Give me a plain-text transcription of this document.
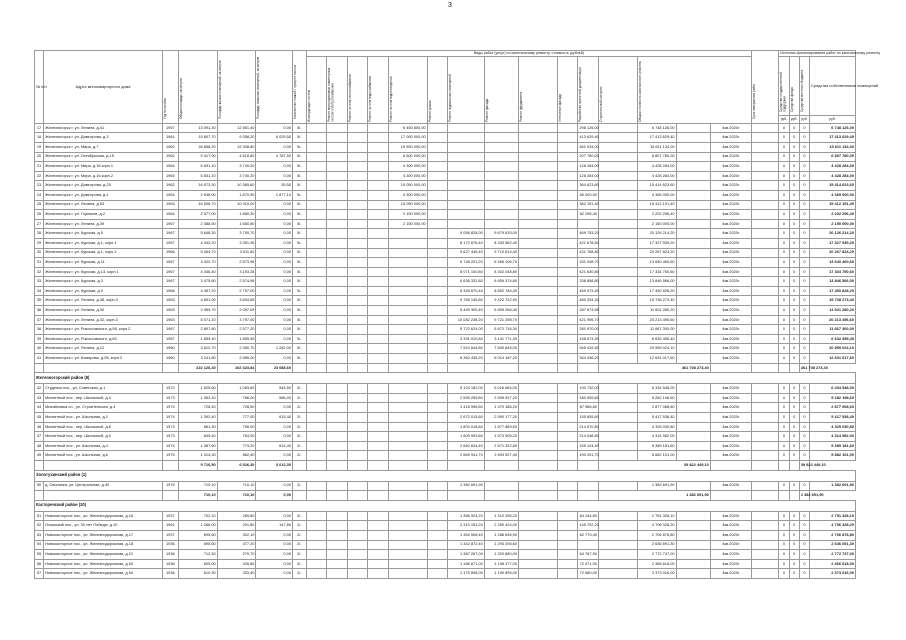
3
№ п/п	Адрес многоквартирного дома	Год постройки	Общая площадь, кв.метров	Площадь жилых помещений, кв.метров	Площадь нежилых помещений, кв.метров	Количество этажей / процент износа	Виды работ (услуг) по капитальному ремонту, стоимость (рублей)															Срок завершения работ	Источник финансирования работ по капитальному ремонту			

							Изолирующих систем	Ремонт внутридомовых инженерных систем электроснабжения	Ремонт систем теплоснабжения	Ремонт систем водоснабжения	Ремонт систем водоотведения	Ремонт крыши	Ремонт подвальных помещений	Ремонт фасада	Ремонт фундамента	Утепление фасада	Разработка проектной документации	Строительный контроль	Общая стоимость капитального ремонта				Средства государственной поддержки	Средства фонда	Средства местного бюджета	Средства собственников помещений
																							руб.	руб.	руб.	руб.
17	Железногорск г, ул. Ленина, д.41	1957	13 091,30	12 651,40	0,00	5/-					6 450 800,00						298 126,00		6 748 126,00		4кв.2020г		0	0	0	6 748 126,00
18	Железногорск г, ул. Димитрова, д.3	1961	15 807,70	9 358,20	6 029,50	5/-					17 000 000,00						413 629,40		17 413 629,40		4кв.2020г		0	0	0	17 413 629,40
19	Железногорск г, ул. Мира, д.7	1962	26 858,20	15 338,80	0,00	5/-					15 550 000,00						461 034,00		15 611 134,00		4кв.2020г		0	0	0	15 611 134,00
20	Железногорск г, ул. Октябрьская, д.15	1962	9 417,90	4 618,80	4 787,50	5/-					6 600 000,00						207 780,00		6 807 780,00		4кв.2020г		0	0	0	6 807 780,00
21	Железногорск г, ул. Мира, д.16 корп.1	1964	5 831,10	3 740,20	0,00	5/-					4 300 000,00						128 284,00		4 428 284,00		4кв.2020г		0	0	0	4 428 284,00
22	Железногорск г, ул. Мира, д.16 корп.2	1964	5 831,10	3 740,20	0,00	5/-					4 300 000,00						128 284,00		4 428 284,00		4кв.2020г		0	0	0	4 428 284,00
23	Железногорск г, ул. Димитрова, д.25	1962	16 573,30	10 365,60	35,50	5/-					15 050 000,00						364 623,60		15 414 623,60		4кв.2020г		0	0	0	15 414 623,60
24	Железногорск г, ул. Димитрова, д.1	1964	2 948,00	1 870,90	1 877,10	5/-					4 300 000,00						65 000,00		4 365 000,00		4кв.2020г		0	0	0	4 365 000,00
25	Железногорск г, ул. Ленина, д.53	1963	16 508,70	10 019,00	0,00	5/-					15 050 000,00						362 191,40		15 412 191,40		4кв.2020г		0	0	0	15 412 191,40
26	Железногорск г, ул. Горняков, д.2	1964	2 377,00	1 880,30	0,00	5/-					2 150 000,00						52 296,40		2 202 296,40		4кв.2020г		0	0	0	2 202 296,40
27	Железногорск г, ул. Ленина, д.39	1967	2 388,50	1 660,80	0,00	5/-					2 150 000,00								2 150 000,00		4кв.2020г		0	0	0	2 150 000,00
28	Железногорск г, ул. Курская, д.5	1967	5 648,30	3 790,70	0,00	5/-							9 056 828,00	9 679 633,00			469 753,20		20 126 214,20		4кв.2020г		0	0	0	20 126 214,20
29	Железногорск г, ул. Курская, д.1, корп.1	1967	4 342,20	3 351,35	0,00	5/-							8 172 676,40	8 333 562,40			421 678,60		17 327 939,20		4кв.2020г		0	0	0	17 327 939,20
30	Железногорск г, ул. Курская, д.1, корп.2	1966	5 064,70	3 611,60	0,00	5/-							9 627 446,40	9 710 614,40			421 768,80		20 267 824,20		4кв.2020г		0	0	0	20 267 824,20
31	Железногорск г, ул. Курская, д.11	1967	3 422,70	2 573,96	0,00	5/-							6 748 201,20	6 565 106,70			331 048,70		13 640 460,60		4кв.2020г		0	0	0	13 640 460,60
32	Железногорск г, ул. Курская, д.13, корп.1	1967	4 346,40	3 193,28	0,00	5/-							8 071 100,80	8 302 048,80			421 630,80		17 334 750,60		4кв.2020г		0	0	0	17 334 750,60
33	Железногорск г, ул. Курская, д.3	1967	3 475,60	2 574,96	0,00	5/-							6 638 332,80	6 659 374,80			338 858,80		13 846 566,00		4кв.2020г		0	0	0	13 846 566,00
34	Железногорск г, ул. Курская, д.9	1968	4 087,20	2 797,00	0,00	5/-							8 328 670,40	8 652 784,40			469 373,40		17 450 828,20		4кв.2020г		0	0	0	17 450 828,20
35	Железногорск г, ул. Ленина, д.38, корп.3	1963	4 851,90	3 834,65	0,00	5/-							9 765 145,80	9 422 722,90			480 334,30		19 738 273,40		4кв.2020г		0	0	0	19 738 273,40
36	Железногорск г, ул. Ленина, д.30	1963	2 989,70	2 097,09	0,00	5/-							5 449 300,40	5 805 266,40			287 673,95		11 601 280,20		4кв.2020г		0	0	0	11 601 280,20
37	Железногорск г, ул. Ленина, д.32, корп.3	1963	5 071,10	3 797,00	0,00	5/-							10 082 238,20	9 721 298,70			421 995,70		20 213 496,60		4кв.2020г		0	0	0	20 213 496,60
38	Железногорск г, ул. Рокоссовского, д.56, корп.2	1967	2 807,80	2 577,20	0,00	5/-							5 722 624,00	5 672 716,30			281 970,00		11 667 300,00		4кв.2020г		0	0	0	11 667 300,00
39	Железногорск г, ул. Рокоссовского, д.60	1967	1 859,40	1 855,95	0,00	5/-							3 331 910,80	3 141 771,30			158 673,30		6 632 455,40		4кв.2020г		0	0	0	6 632 455,40
40	Железногорск г, ул. Ленина, д.12	1960	3 612,70	2 350,70	1 262,00	5/-							7 510 644,80	7 800 845,00			945 419,40		20 959 024,10		4кв.2020г		0	0	0	20 959 024,10
41	Железногорск г, ул. Комарова, д.26, корп.2	1960	3 241,80	2 585,00	0,00	5/-							6 362 435,20	6 014 187,20			344 436,20		12 631 017,60		4кв.2020г		0	0	0	12 631 017,60
			222 126,40	102 323,84	23 088,60													461 708 273,40							461 708 273,40	
Железногорский район (8)																										
42	Студенок пос., ул. Советская, д.1	1972	1 625,60	1 083,60	544,50	2/-							5 124 182,00	5 016 664,00			193 732,00		6 334 548,00		4кв.2020г		0	0	0	6 334 548,00
43	Магнитный пос., пер. Школьный, д.4	1973	1 352,40	766,00	586,00	2/-							2 595 259,80	2 505 927,20			180 909,60		5 282 198,60		4кв.2020г		0	0	0	5 282 198,60
44	Михайловка сл., ул. Строительная, д.4	1974	728,40	728,50	0,00	2/-							1 418 998,80	1 370 186,20			87 986,60		2 877 068,60		4кв.2020г		0	0	0	2 877 068,60
45	Магнитный пос., ул. Школьная, д.2	1974	1 392,40	777,00	615,40	2/-							2 672 015,60	2 590 177,20			155 655,60		5 417 538,40		4кв.2020г		0	0	0	5 417 538,40
46	Магнитный пос., пер. Школьный, д.8	1973	861,30	796,00	0,00	2/-							1 804 018,80	1 677 889,50			214 570,80		4 325 030,80		4кв.2020г		0	0	0	4 325 030,80
47	Магнитный пос., пер. Школьный, д.5	1973	849,40	764,00	0,00	2/-							1 609 993,60	1 573 905,20			214 048,80		4 314 982,00		4кв.2020г		0	0	0	4 314 982,00
48	Магнитный пос., ул. Школьная, д.4	1974	1 387,60	773,20	614,40	2/-							2 662 634,40	2 571 322,80			155 124,40		5 389 181,60		4кв.2020г		0	0	0	5 389 181,60
49	Магнитный пос., ул. Школьная, д.6	1975	1 014,30	882,40	0,00	2/-							2 669 941,70	2 693 927,40			190 291,70		5 882 101,00		4кв.2020г		0	0	0	5 882 101,00
			9 716,50	6 526,30	3 012,30													39 822 449,10							39 822 449,10	
Золотухинский район (1)																										
50	д. Свопянка, ул. Центральная, д.40	1976	710,10	710,10	0,00	2/-							1 382 691,90						1 382 691,90		4кв.2020г		0	0	0	1 382 691,90
			710,10	710,10	0,00													1 382 691,90							1 382 691,90	
Касторенский район (20)																										
51	Новокасторное пос., ул. Железнодорожная, д.16	1937	702,10	269,80	0,00	2/-							1 356 924,20	1 310 255,20			84 144,60		2 751 328,10		4кв.2020г		0	0	0	2 751 328,10
52	Олымский пос., ул. 30 лет Победы, д.10	1961	1 266,00	201,80	147,80	2/-							2 310 153,20	2 250 424,00			145 702,20		4 706 328,20		4кв.2020г		0	0	0	4 706 328,20
53	Новокасторное пос., ул. Железнодорожная, д.17	1937	695,60	302,10	0,00	2/-							1 354 508,40	1 286 646,90			62 770,40		2 706 878,80		4кв.2020г		0	0	0	2 706 878,80
54	Новокасторное пос., ул. Железнодорожная, д.18	1936	695,60	477,20	0,00	2/-							1 342 872,40	1 293 206,60					2 636 691,30		4кв.2020г		0	0	0	2 636 691,30
55	Новокасторное пос., ул. Железнодорожная, д.21	1936	712,50	279,70	0,00	2/-							1 387 287,00	1 320 880,00			64 767,50		2 772 737,00		4кв.2020г		0	0	0	2 772 737,00
56	Новокасторное пос., ул. Железнодорожная, д.52	1936	609,00	426,60	0,00	2/-							1 186 871,00	1 158 477,00			72 471,00		2 366 618,00		4кв.2020г		0	0	0	2 366 618,00
57	Новокасторное пос., ул. Железнодорожная, д.54	1936	610,30	333,40	0,00	2/-							1 175 598,00	1 150 895,00			72 680,00		2 373 016,00		4кв.2020г		0	0	0	2 373 016,00
